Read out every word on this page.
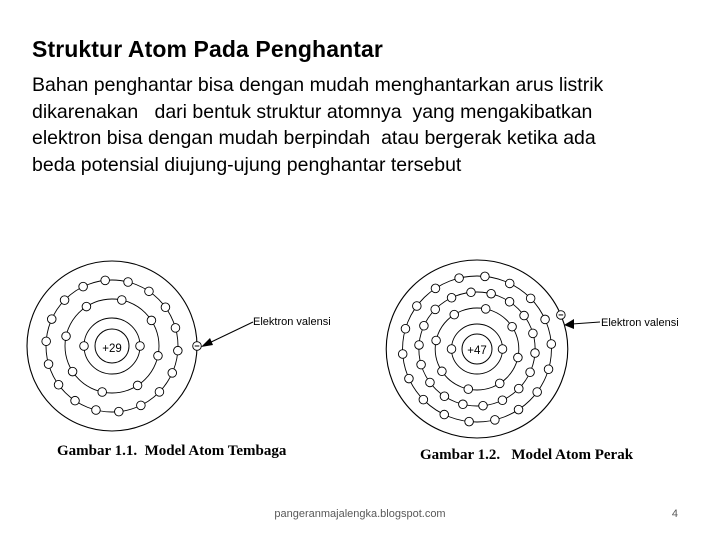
Struktur Atom Pada Penghantar
Bahan penghantar bisa dengan mudah menghantarkan arus listrik
dikarenakan   dari bentuk struktur atomnya  yang mengakibatkan
elektron bisa dengan mudah berpindah  atau bergerak ketika ada
beda potensial diujung-ujung penghantar tersebut
+29
Elektron valensi
Gambar 1.1.  Model Atom Tembaga
+47
Elektron valensi
Gambar 1.2.   Model Atom Perak
pangeranmajalengka.blogspot.com	4
